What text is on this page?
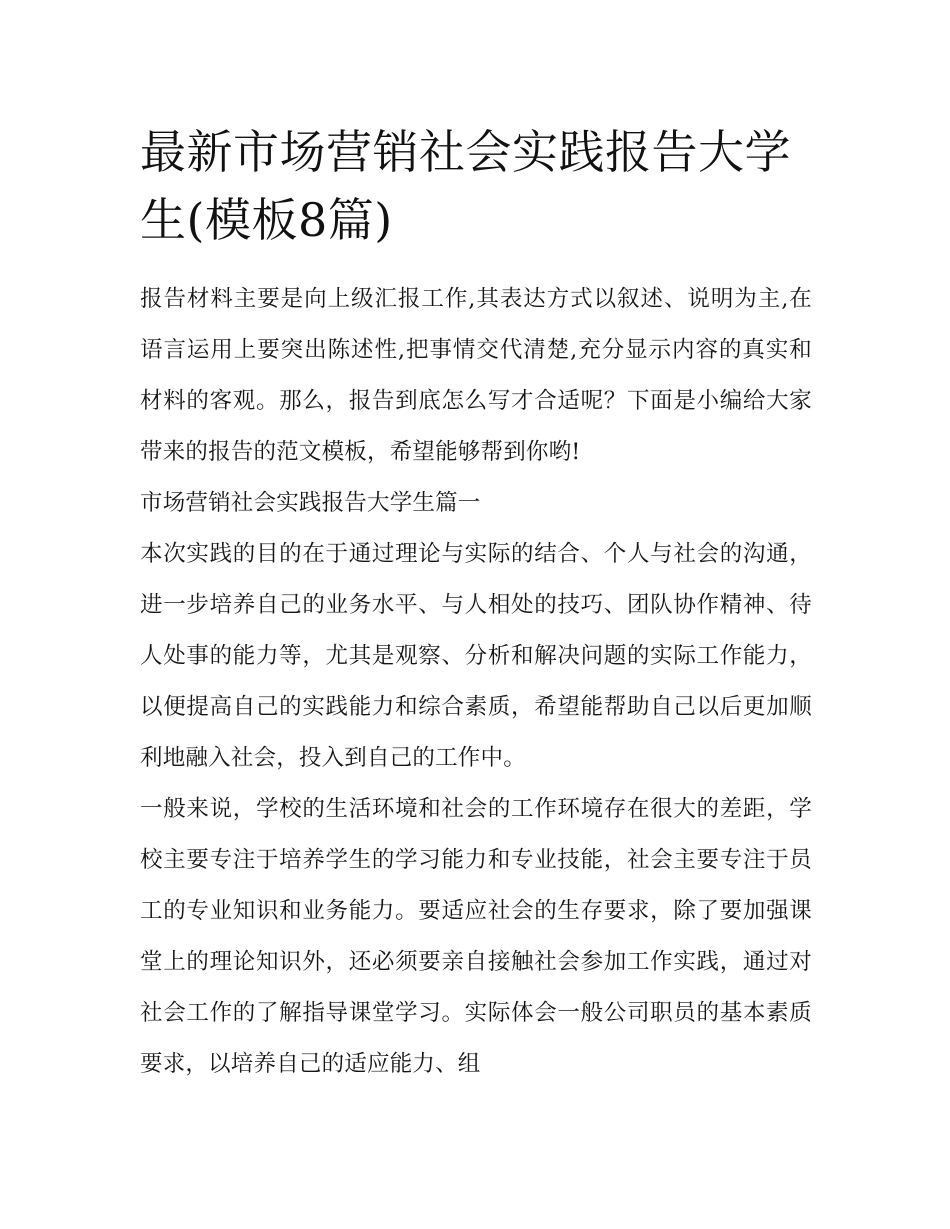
最新市场营销社会实践报告大学生(模板8篇)

报告材料主要是向上级汇报工作,其表达方式以叙述、说明为主,在语言运用上要突出陈述性,把事情交代清楚,充分显示内容的真实和材料的客观。那么，报告到底怎么写才合适呢？下面是小编给大家带来的报告的范文模板，希望能够帮到你哟!

市场营销社会实践报告大学生篇一

本次实践的目的在于通过理论与实际的结合、个人与社会的沟通，进一步培养自己的业务水平、与人相处的技巧、团队协作精神、待人处事的能力等，尤其是观察、分析和解决问题的实际工作能力，以便提高自己的实践能力和综合素质，希望能帮助自己以后更加顺利地融入社会，投入到自己的工作中。

一般来说，学校的生活环境和社会的工作环境存在很大的差距，学校主要专注于培养学生的学习能力和专业技能，社会主要专注于员工的专业知识和业务能力。要适应社会的生存要求，除了要加强课堂上的理论知识外，还必须要亲自接触社会参加工作实践，通过对社会工作的了解指导课堂学习。实际体会一般公司职员的基本素质要求，以培养自己的适应能力、组
